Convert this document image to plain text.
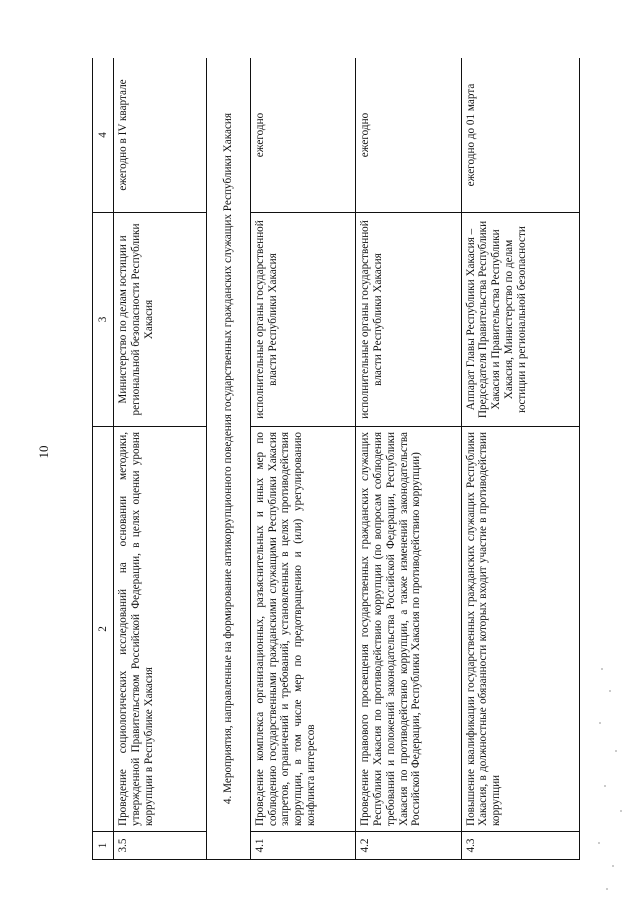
10
1	2	3	4
3.5	Проведение социологических исследований на основании методики, утвержденной Правительством Российской Федерации, в целях оценки уровня коррупции в Республике Хакасия	Министерство по делам юстиции и региональной безопасности Республики Хакасия	ежегодно в IV квартале
4. Мероприятия, направленные на формирование антикоррупционного поведения государственных гражданских служащих Республики Хакасия			
4.1	Проведение комплекса организационных, разъяснительных и иных мер по соблюдению государственными гражданскими служащими Республики Хакасия запретов, ограничений и требований, установленных в целях противодействия коррупции, в том числе мер по предотвращению и (или) урегулированию конфликта интересов	исполнительные органы государственной власти Республики Хакасия	ежегодно
4.2	Проведение правового просвещения государственных гражданских служащих Республики Хакасия по противодействию коррупции (по вопросам соблюдения требований и положений законодательства Российской Федерации, Республики Хакасия по противодействию коррупции, а также изменений законодательства Российской Федерации, Республики Хакасия по противодействию коррупции)	исполнительные органы государственной власти Республики Хакасия	ежегодно
4.3	Повышение квалификации государственных гражданских служащих Республики Хакасия, в должностные обязанности которых входит участие в противодействии коррупции	Аппарат Главы Республики Хакасия – Председателя Правительства Республики Хакасия и Правительства Республики Хакасия, Министерство по делам юстиции и региональной безопасности	ежегодно до 01 марта
